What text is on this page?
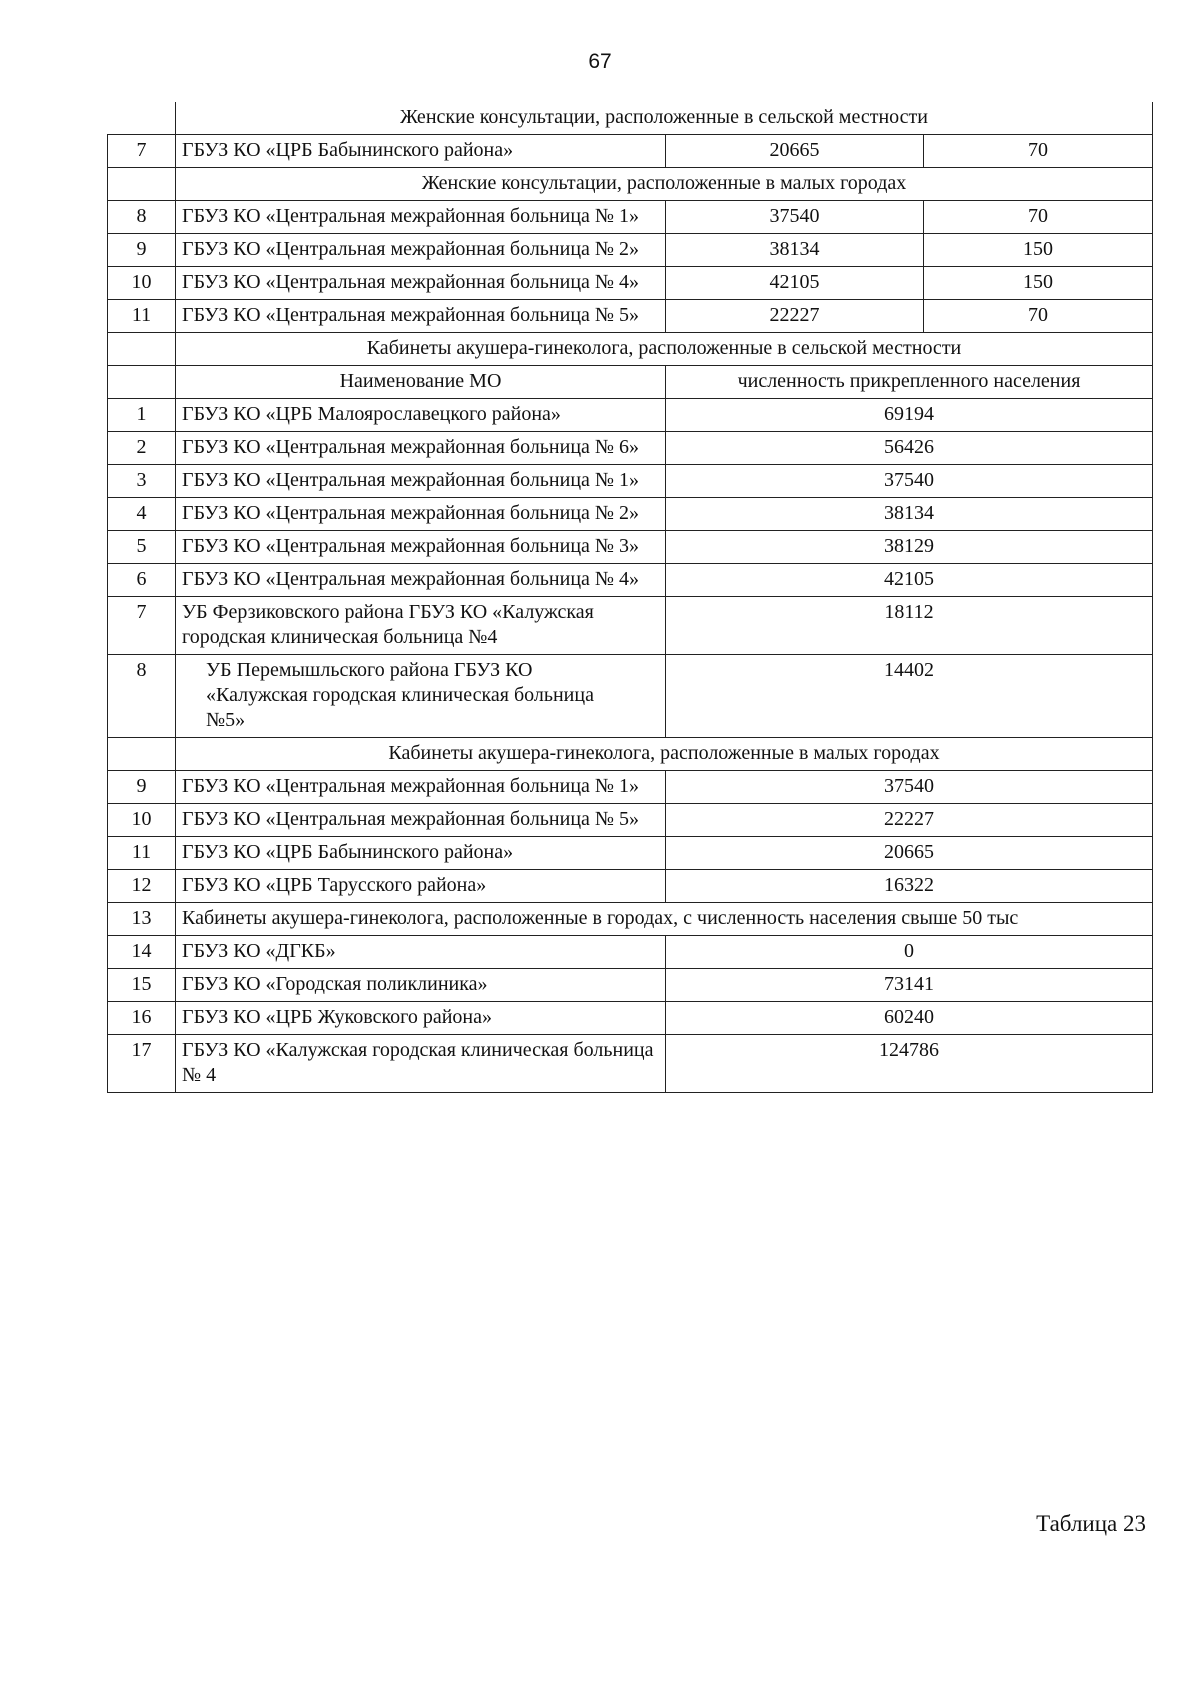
67
	Женские консультации, расположенные в сельской местности		
7	ГБУЗ КО «ЦРБ Бабынинского района»	20665	70
	Женские консультации, расположенные в малых городах		
8	ГБУЗ КО «Центральная межрайонная больница № 1»	37540	70
9	ГБУЗ КО «Центральная межрайонная больница № 2»	38134	150
10	ГБУЗ КО «Центральная межрайонная больница № 4»	42105	150
11	ГБУЗ КО «Центральная межрайонная больница № 5»	22227	70
	Кабинеты акушера-гинеколога, расположенные в сельской местности		
	Наименование МО	численность прикрепленного населения	
1	ГБУЗ КО «ЦРБ Малоярославецкого района»	69194	
2	ГБУЗ КО «Центральная межрайонная больница № 6»	56426	
3	ГБУЗ КО «Центральная межрайонная больница № 1»	37540	
4	ГБУЗ КО «Центральная межрайонная больница № 2»	38134	
5	ГБУЗ КО «Центральная межрайонная больница № 3»	38129	
6	ГБУЗ КО «Центральная межрайонная больница № 4»	42105	
7	УБ Ферзиковского района ГБУЗ КО «Калужская городская клиническая больница №4	18112	
8	УБ Перемышльского района ГБУЗ КО «Калужская городская клиническая больница №5»	14402	
	Кабинеты акушера-гинеколога, расположенные в малых городах		
9	ГБУЗ КО «Центральная межрайонная больница № 1»	37540	
10	ГБУЗ КО «Центральная межрайонная больница № 5»	22227	
11	ГБУЗ КО «ЦРБ Бабынинского района»	20665	
12	ГБУЗ КО «ЦРБ Тарусского района»	16322	
13	Кабинеты акушера-гинеколога, расположенные в городах, с численность населения свыше 50 тыс		
14	ГБУЗ КО «ДГКБ»	0	
15	ГБУЗ КО «Городская поликлиника»	73141	
16	ГБУЗ КО «ЦРБ Жуковского района»	60240	
17	ГБУЗ КО «Калужская городская клиническая больница № 4	124786	
Таблица 23
